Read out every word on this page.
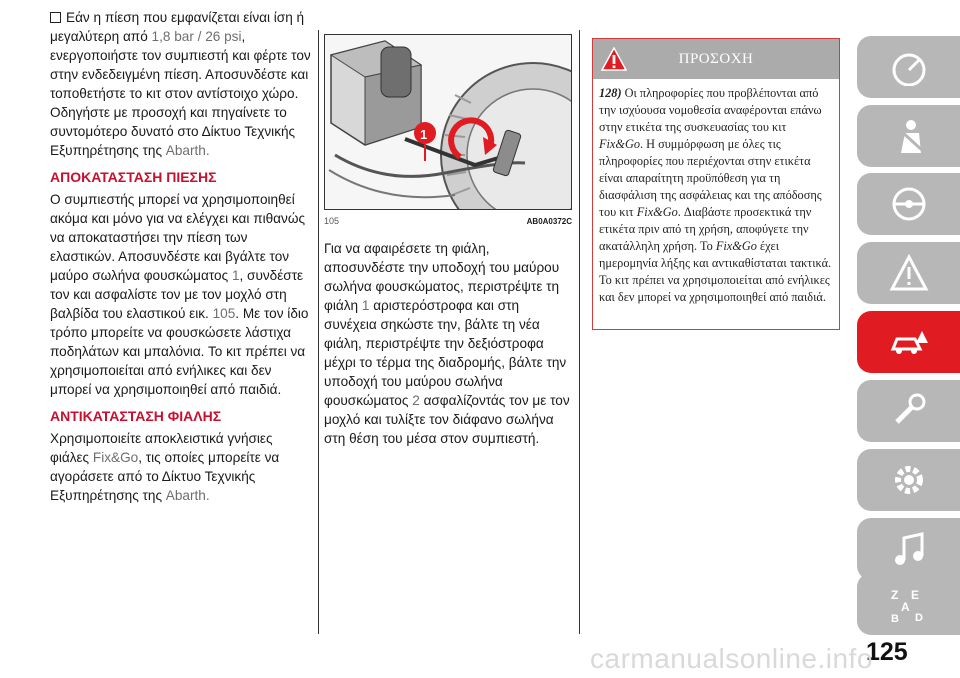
Εάν η πίεση που εμφανίζεται είναι ίση ή μεγαλύτερη από 1,8 bar / 26 psi, ενεργοποιήστε τον συμπιεστή και φέρτε τον στην ενδεδειγμένη πίεση. Αποσυνδέστε και τοποθετήστε το κιτ στον αντίστοιχο χώρο. Οδηγήστε με προσοχή και πηγαίνετε το συντομότερο δυνατό στο Δίκτυο Τεχνικής Εξυπηρέτησης της Abarth.

ΑΠΟΚΑΤΑΣΤΑΣΗ ΠΙΕΣΗΣ

Ο συμπιεστής μπορεί να χρησιμοποιηθεί ακόμα και μόνο για να ελέγχει και πιθανώς να αποκαταστήσει την πίεση των ελαστικών. Αποσυνδέστε και βγάλτε τον μαύρο σωλήνα φουσκώματος 1, συνδέστε τον και ασφαλίστε τον με τον μοχλό στη βαλβίδα του ελαστικού εικ. 105. Με τον ίδιο τρόπο μπορείτε να φουσκώσετε λάστιχα ποδηλάτων και μπαλόνια. Το κιτ πρέπει να χρησιμοποιείται από ενήλικες και δεν μπορεί να χρησιμοποιηθεί από παιδιά.

ΑΝΤΙΚΑΤΑΣΤΑΣΗ ΦΙΑΛΗΣ

Χρησιμοποιείτε αποκλειστικά γνήσιες φιάλες Fix&Go, τις οποίες μπορείτε να αγοράσετε από το Δίκτυο Τεχνικής Εξυπηρέτησης της Abarth.

1
105	AB0A0372C

Για να αφαιρέσετε τη φιάλη, αποσυνδέστε την υποδοχή του μαύρου σωλήνα φουσκώματος, περιστρέψτε τη φιάλη 1 αριστερόστροφα και στη συνέχεια σηκώστε την, βάλτε τη νέα φιάλη, περιστρέψτε την δεξιόστροφα μέχρι το τέρμα της διαδρομής, βάλτε την υποδοχή του μαύρου σωλήνα φουσκώματος 2 ασφαλίζοντάς τον με τον μοχλό και τυλίξτε τον διάφανο σωλήνα στη θέση του μέσα στον συμπιεστή.

ΠΡΟΣΟΧΗ
128) Οι πληροφορίες που προβλέπονται από την ισχύουσα νομοθεσία αναφέρονται επάνω στην ετικέτα της συσκευασίας του κιτ Fix&Go. Η συμμόρφωση με όλες τις πληροφορίες που περιέχονται στην ετικέτα είναι απαραίτητη προϋπόθεση για τη διασφάλιση της ασφάλειας και της απόδοσης του κιτ Fix&Go. Διαβάστε προσεκτικά την ετικέτα πριν από τη χρήση, αποφύγετε την ακατάλληλη χρήση. Το Fix&Go έχει ημερομηνία λήξης και αντικαθίσταται τακτικά. Το κιτ πρέπει να χρησιμοποιείται από ενήλικες και δεν μπορεί να χρησιμοποιηθεί από παιδιά.
Z E
A
B D
125
carmanualsonline.info
